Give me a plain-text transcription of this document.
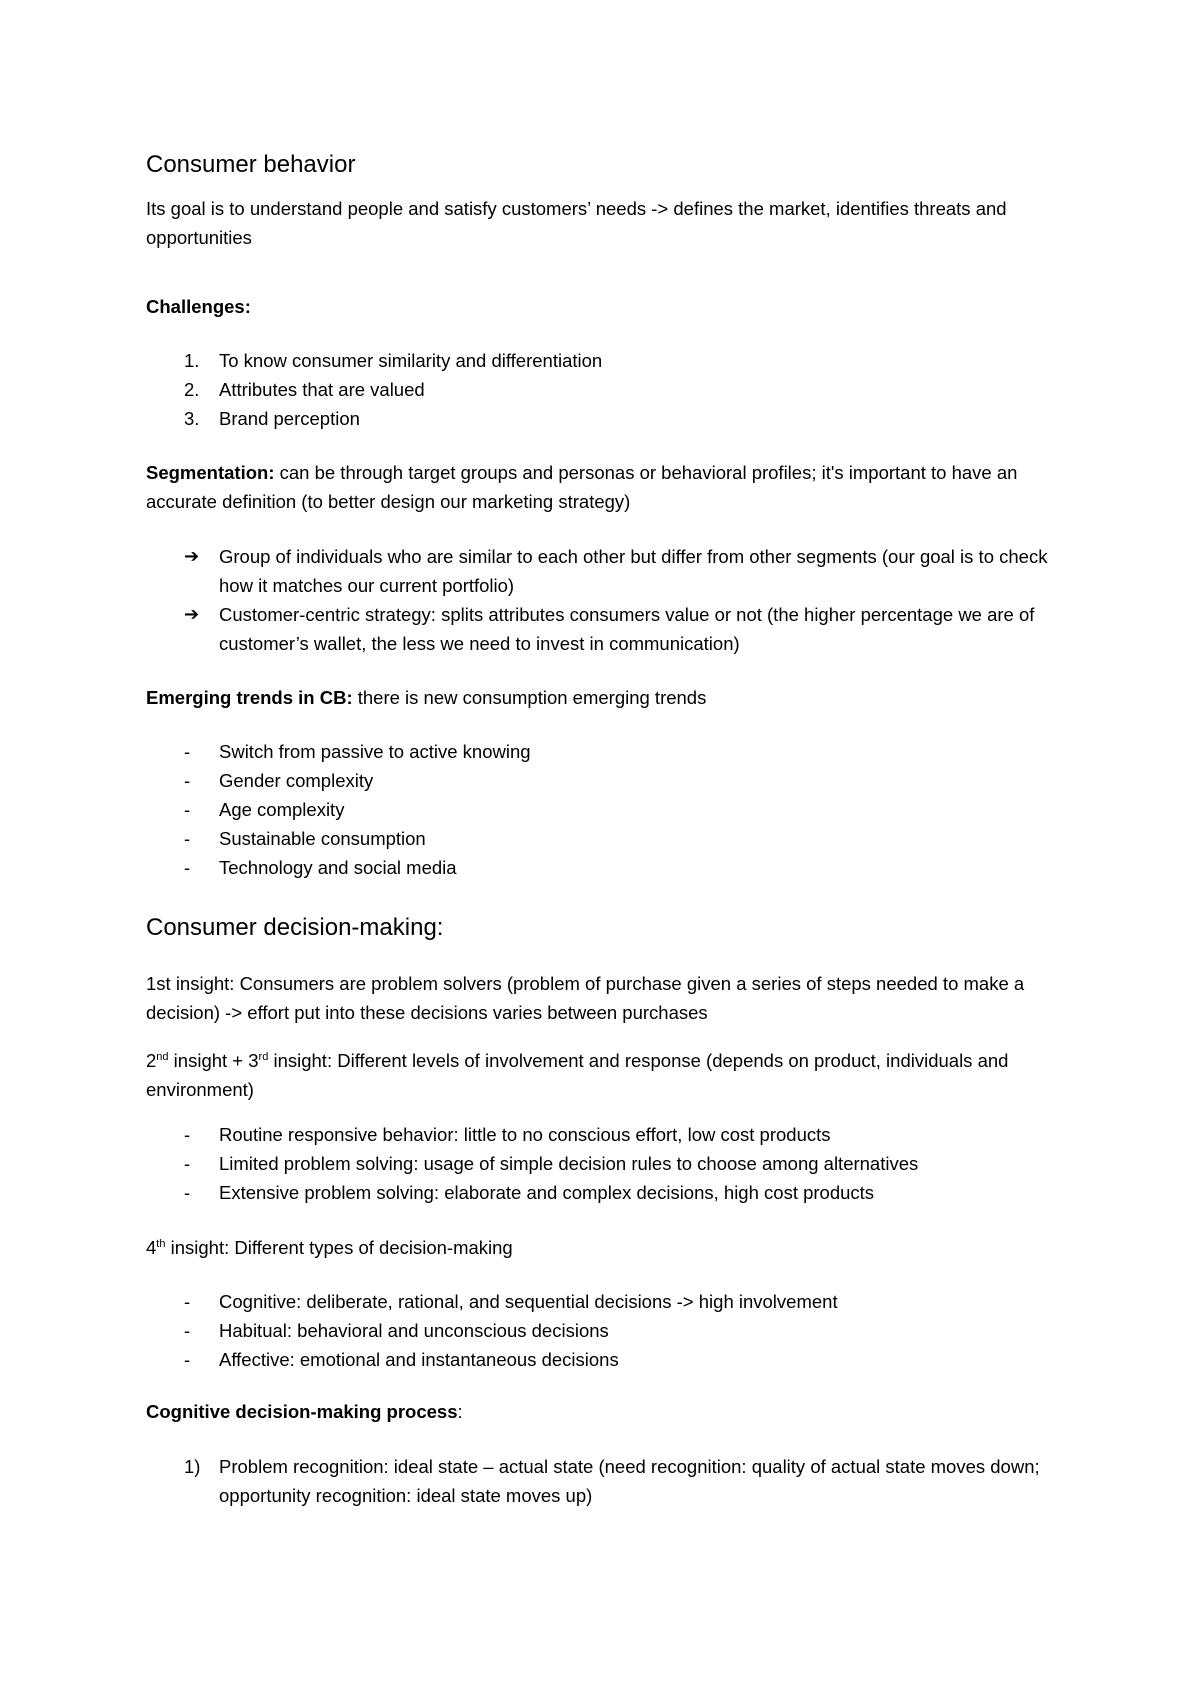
Consumer behavior

Its goal is to understand people and satisfy customers’ needs -> defines the market, identifies threats and opportunities

Challenges:

1. To know consumer similarity and differentiation
2. Attributes that are valued
3. Brand perception

Segmentation: can be through target groups and personas or behavioral profiles; it's important to have an accurate definition (to better design our marketing strategy)

➔ Group of individuals who are similar to each other but differ from other segments (our goal is to check how it matches our current portfolio)
➔ Customer-centric strategy: splits attributes consumers value or not (the higher percentage we are of customer’s wallet, the less we need to invest in communication)

Emerging trends in CB: there is new consumption emerging trends

- Switch from passive to active knowing
- Gender complexity
- Age complexity
- Sustainable consumption
- Technology and social media
Consumer decision-making:

1st insight: Consumers are problem solvers (problem of purchase given a series of steps needed to make a decision) -> effort put into these decisions varies between purchases

2nd insight + 3rd insight: Different levels of involvement and response (depends on product, individuals and environment)

- Routine responsive behavior: little to no conscious effort, low cost products
- Limited problem solving: usage of simple decision rules to choose among alternatives
- Extensive problem solving: elaborate and complex decisions, high cost products

4th insight: Different types of decision-making

- Cognitive: deliberate, rational, and sequential decisions -> high involvement
- Habitual: behavioral and unconscious decisions
- Affective: emotional and instantaneous decisions

Cognitive decision-making process:

1) Problem recognition: ideal state – actual state (need recognition: quality of actual state moves down; opportunity recognition: ideal state moves up)
